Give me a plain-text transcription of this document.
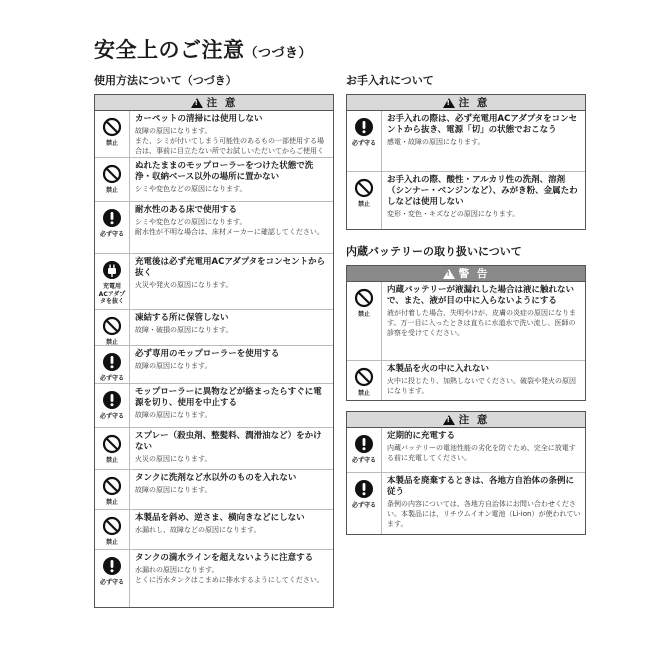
安全上のご注意（つづき）
使用方法について（つづき）
!
注 意
禁止
カーペットの清掃には使用しない
故障の原因になります。
また、シミが付いてしまう可能性のあるもの一部使用する場合は、事前に目立たない所でお試しいただいてからご使用く
禁止
ぬれたままのモップローラーをつけた状態で洗浄・収納ベース以外の場所に置かない
シミや変色などの原因になります。
必ず守る
耐水性のある床で使用する
シミや変色などの原因になります。
耐水性が不明な場合は、床材メーカーに確認してください。
充電用
ACアダプ
タを抜く
充電後は必ず充電用ACアダプタをコンセントから抜く
火災や発火の原因になります。
禁止
凍結する所に保管しない
故障・破損の原因になります。
必ず守る
必ず専用のモップローラーを使用する
故障の原因になります。
必ず守る
モップローラーに異物などが絡まったらすぐに電源を切り、使用を中止する
故障の原因になります。
禁止
スプレー（殺虫剤、整髪料、潤滑油など）をかけない
火災の原因になります。
禁止
タンクに洗剤など水以外のものを入れない
故障の原因になります。
禁止
本製品を斜め、逆さま、横向きなどにしない
水漏れし、故障などの原因になります。
必ず守る
タンクの満水ラインを超えないように注意する
水漏れの原因になります。
とくに汚水タンクはこまめに排水するようにしてください。
お手入れについて
!
注 意
必ず守る
お手入れの際は、必ず充電用ACアダプタをコンセントから抜き、電源「切」の状態でおこなう
感電・故障の原因になります。
禁止
お手入れの際、酸性・アルカリ性の洗剤、溶剤（シンナー・ベンジンなど）、みがき粉、金属たわしなどは使用しない
変形・変色・キズなどの原因になります。
内蔵バッテリーの取り扱いについて
!
警 告
禁止
内蔵バッテリーが液漏れした場合は液に触れないで、また、液が目の中に入らないようにする
液が付着した場合、失明やけが、皮膚の炎症の原因になります。万一目に入ったときは直ちに水道水で洗い流し、医師の診察を受けてください。
禁止
本製品を火の中に入れない
火中に投じたり、加熱しないでください。破裂や発火の原因になります。
!
注 意
必ず守る
定期的に充電する
内蔵バッテリーの電池性能の劣化を防ぐため、完全に放電する前に充電してください。
必ず守る
本製品を廃棄するときは、各地方自治体の条例に従う
条例の内容については、各地方自治体にお問い合わせください。本製品には、リチウムイオン電池（Li-ion）が使われています。
